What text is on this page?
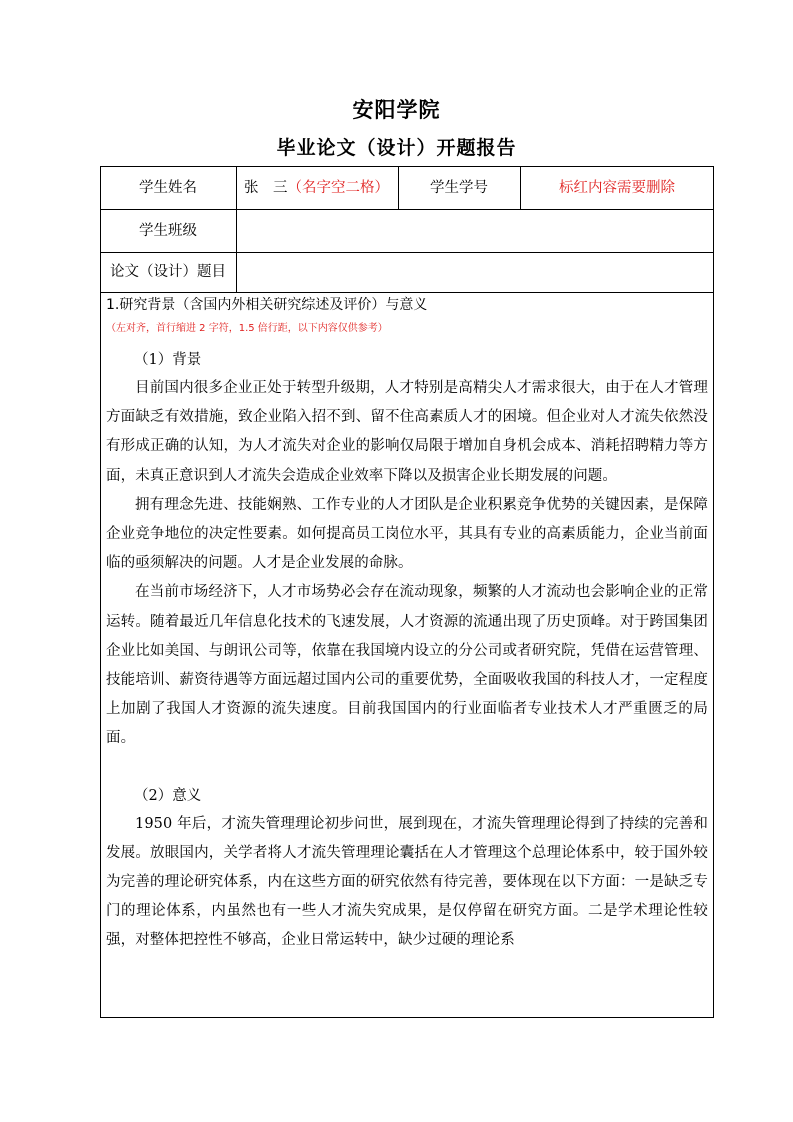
安阳学院
毕业论文（设计）开题报告
学生姓名	张　三（名字空二格）	学生学号	标红内容需要删除
学生班级
论文（设计）题目
1.研究背景（含国内外相关研究综述及评价）与意义（左对齐，首行缩进 2 字符，1.5 倍行距，以下内容仅供参考）
（1）背景

目前国内很多企业正处于转型升级期，人才特别是高精尖人才需求很大，由于在人才管理方面缺乏有效措施，致企业陷入招不到、留不住高素质人才的困境。但企业对人才流失依然没有形成正确的认知，为人才流失对企业的影响仅局限于增加自身机会成本、消耗招聘精力等方面，未真正意识到人才流失会造成企业效率下降以及损害企业长期发展的问题。

拥有理念先进、技能娴熟、工作专业的人才团队是企业积累竞争优势的关键因素，是保障企业竞争地位的决定性要素。如何提高员工岗位水平，其具有专业的高素质能力，企业当前面临的亟须解决的问题。人才是企业发展的命脉。

在当前市场经济下，人才市场势必会存在流动现象，频繁的人才流动也会影响企业的正常运转。随着最近几年信息化技术的飞速发展，人才资源的流通出现了历史顶峰。对于跨国集团企业比如美国、与朗讯公司等，依靠在我国境内设立的分公司或者研究院，凭借在运营管理、技能培训、薪资待遇等方面远超过国内公司的重要优势，全面吸收我国的科技人才，一定程度上加剧了我国人才资源的流失速度。目前我国国内的行业面临者专业技术人才严重匮乏的局面。

（2）意义

1950 年后，才流失管理理论初步问世，展到现在，才流失管理理论得到了持续的完善和发展。放眼国内，关学者将人才流失管理理论囊括在人才管理这个总理论体系中，较于国外较为完善的理论研究体系，内在这些方面的研究依然有待完善，要体现在以下方面：一是缺乏专门的理论体系，内虽然也有一些人才流失究成果，是仅停留在研究方面。二是学术理论性较强，对整体把控性不够高，企业日常运转中，缺少过硬的理论系
